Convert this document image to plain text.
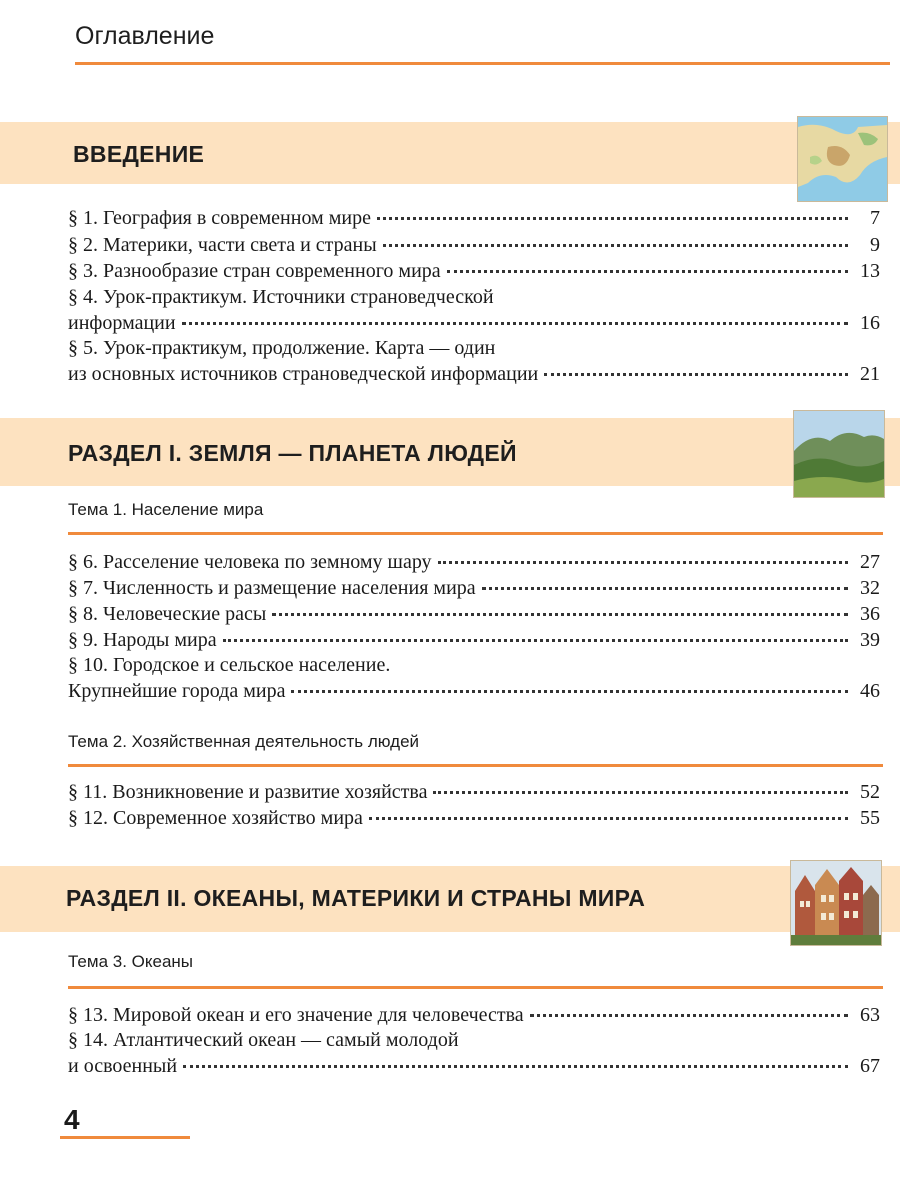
Оглавление
ВВЕДЕНИЕ
§ 1. География в современном мире	7
§ 2. Материки, части света и страны	9
§ 3. Разнообразие стран современного мира	13
§ 4. Урок-практикум. Источники страноведческой
информации	16
§ 5. Урок-практикум, продолжение. Карта — один
из основных источников страноведческой информации	21
РАЗДЕЛ I. ЗЕМЛЯ — ПЛАНЕТА ЛЮДЕЙ
Тема 1. Население мира
§ 6. Расселение человека по земному шару	27
§ 7. Численность и размещение населения мира	32
§ 8. Человеческие расы	36
§ 9. Народы мира	39
§ 10. Городское и сельское население.
Крупнейшие города мира	46
Тема 2. Хозяйственная деятельность людей
§ 11. Возникновение и развитие хозяйства	52
§ 12. Современное хозяйство мира	55
РАЗДЕЛ II. ОКЕАНЫ, МАТЕРИКИ И СТРАНЫ МИРА
Тема 3. Океаны
§ 13. Мировой океан и его значение для человечества	63
§ 14. Атлантический океан — самый молодой
и освоенный	67
4
